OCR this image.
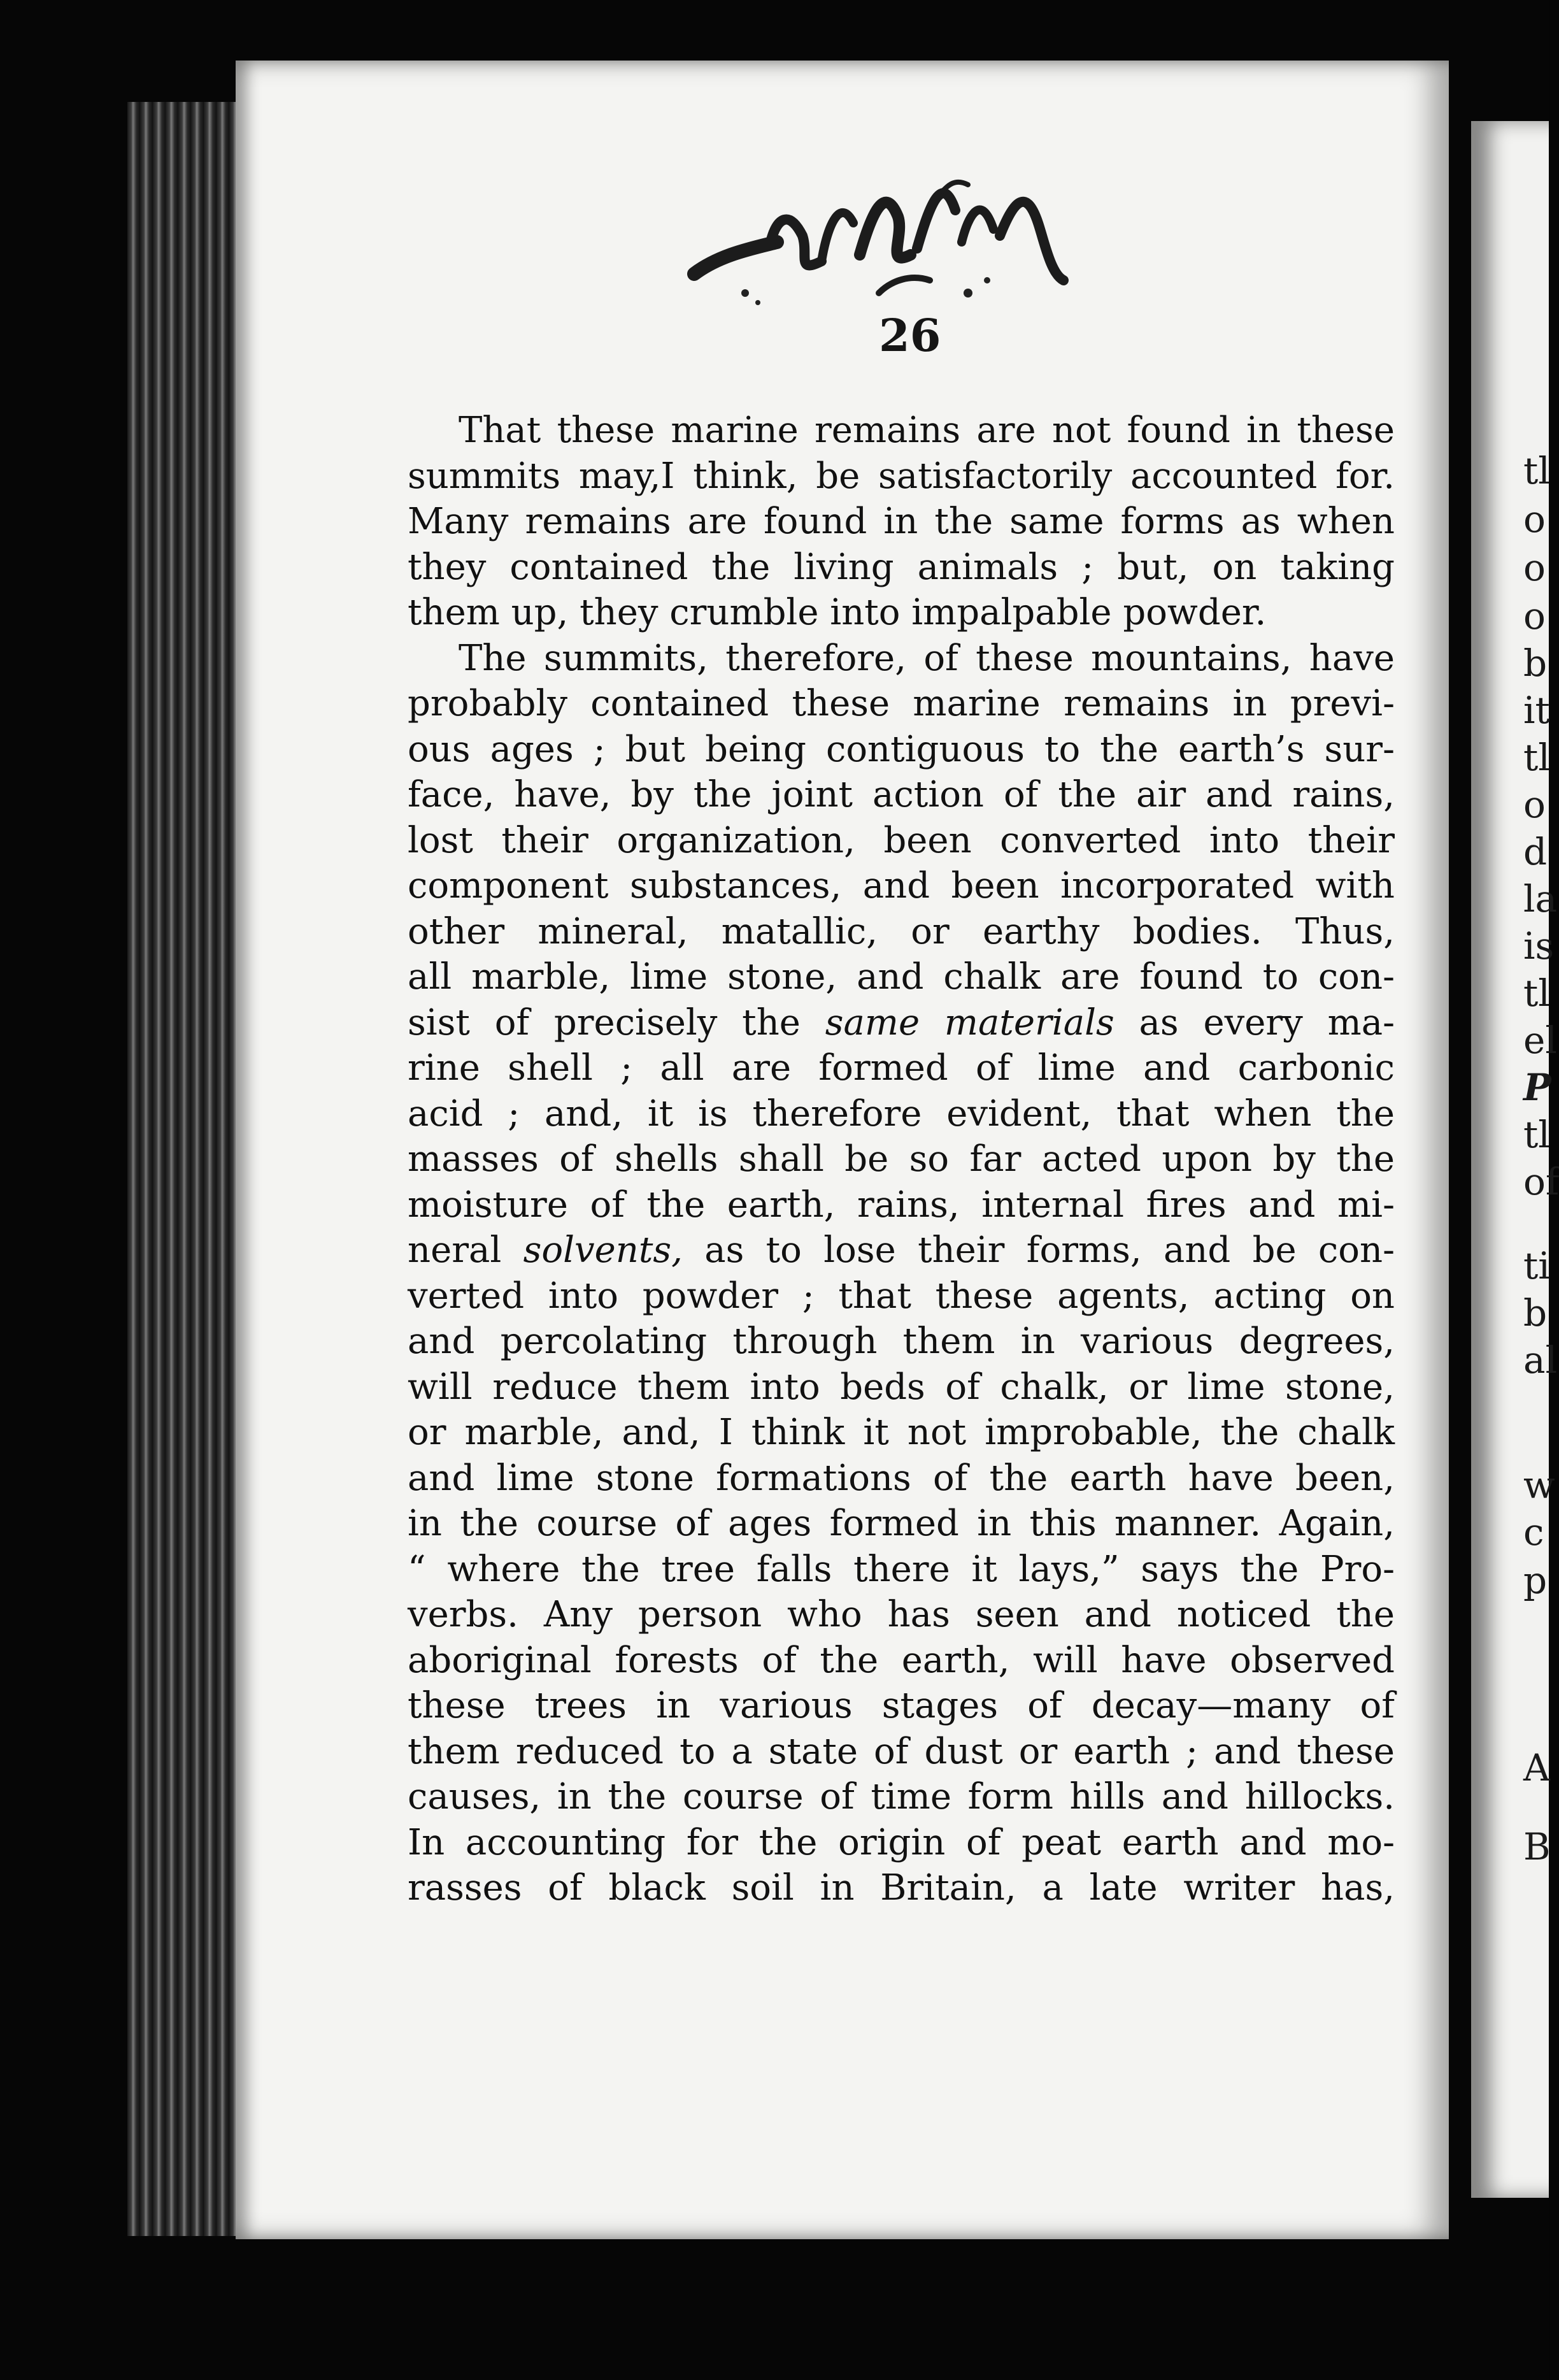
26
That these marine remains are not found in these
summits may,I think, be satisfactorily accounted for.
Many remains are found in the same forms as when
they contained the living animals ; but, on taking
them up, they crumble into impalpable powder.
The summits, therefore, of these mountains, have
probably contained these marine remains in previ-
ous ages ; but being contiguous to the earth’s sur-
face, have, by the joint action of the air and rains,
lost their organization, been converted into their
component substances, and been incorporated with
other mineral, matallic, or earthy bodies. Thus,
all marble, lime stone, and chalk are found to con-
sist of precisely the same materials as every ma-
rine shell ; all are formed of lime and carbonic
acid ; and, it is therefore evident, that when the
masses of shells shall be so far acted upon by the
moisture of the earth, rains, internal fires and mi-
neral solvents, as to lose their forms, and be con-
verted into powder ; that these agents, acting on
and percolating through them in various degrees,
will reduce them into beds of chalk, or lime stone,
or marble, and, I think it not improbable, the chalk
and lime stone formations of the earth have been,
in the course of ages formed in this manner. Again,
“ where the tree falls there it lays,” says the Pro-
verbs. Any person who has seen and noticed the
aboriginal forests of the earth, will have observed
these trees in various stages of decay—many of
them reduced to a state of dust or earth ; and these
causes, in the course of time form hills and hillocks.
In accounting for the origin of peat earth and mo-
rasses of black soil in Britain, a late writer has,
tl
o
o
o
b
it
tl
o
d
la
is
tl
el
P
tl
of
ti
b
al
w
c
p
A
B
